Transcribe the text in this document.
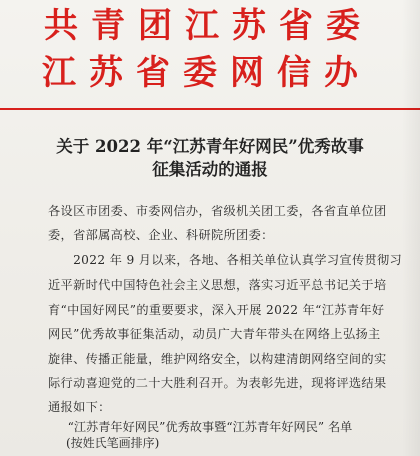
共青团江苏省委
江苏省委网信办
关于 2022 年“江苏青年好网民”优秀故事
征集活动的通报
各设区市团委、市委网信办，省级机关团工委，各省直单位团
委，省部属高校、企业、科研院所团委：
　　2022 年 9 月以来，各地、各相关单位认真学习宣传贯彻习
近平新时代中国特色社会主义思想，落实习近平总书记关于培
育“中国好网民”的重要要求，深入开展 2022 年“江苏青年好
网民”优秀故事征集活动，动员广大青年带头在网络上弘扬主
旋律、传播正能量，维护网络安全，以构建清朗网络空间的实
际行动喜迎党的二十大胜利召开。为表彰先进，现将评选结果
通报如下：
“江苏青年好网民”优秀故事暨“江苏青年好网民” 名单
(按姓氏笔画排序)
